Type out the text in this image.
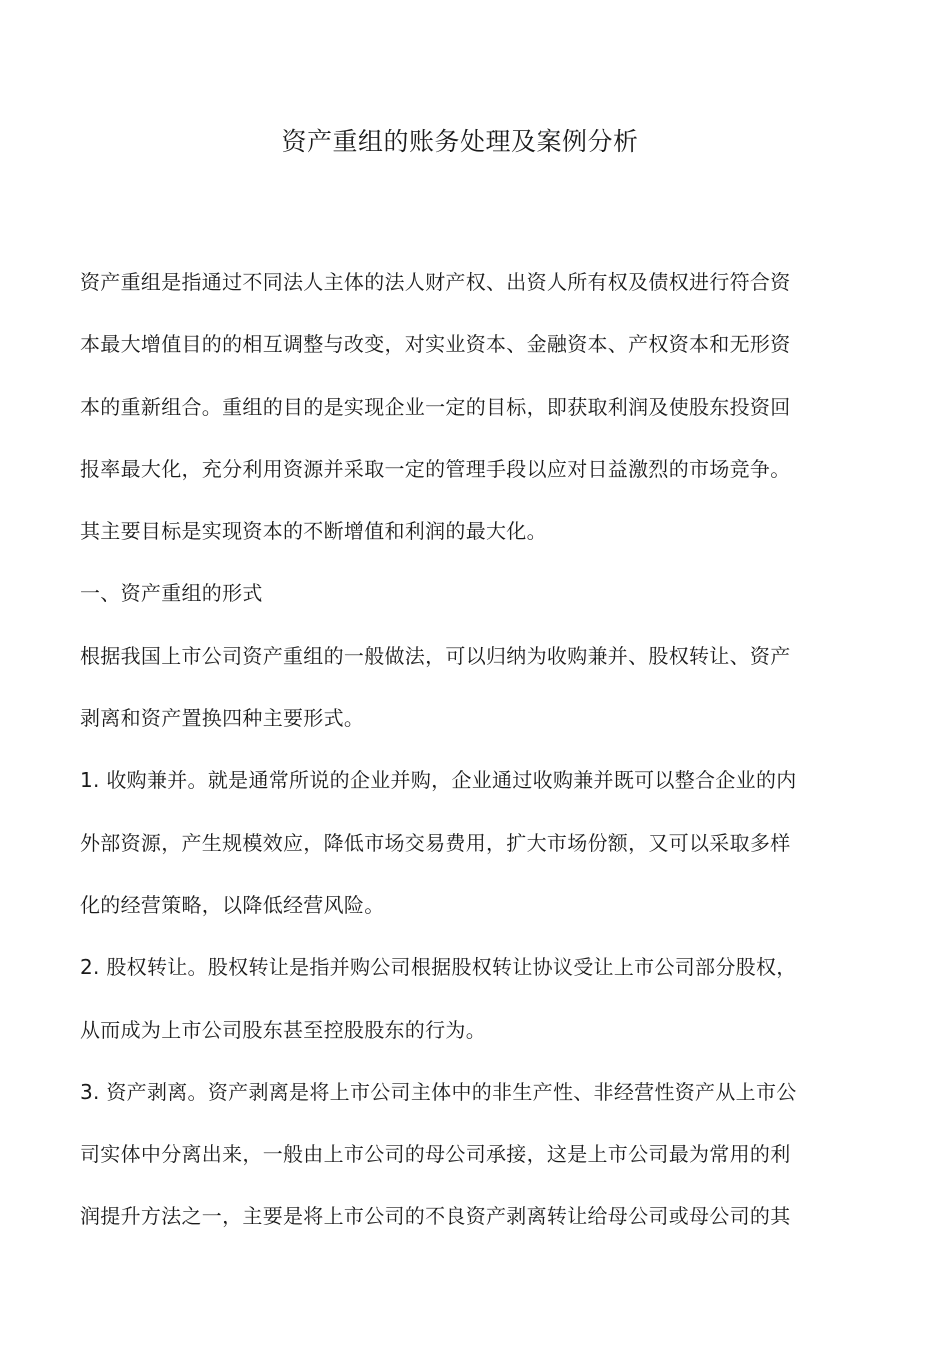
资产重组的账务处理及案例分析
资产重组是指通过不同法人主体的法人财产权、出资人所有权及债权进行符合资
本最大增值目的的相互调整与改变，对实业资本、金融资本、产权资本和无形资
本的重新组合。重组的目的是实现企业一定的目标，即获取利润及使股东投资回
报率最大化，充分利用资源并采取一定的管理手段以应对日益激烈的市场竞争。
其主要目标是实现资本的不断增值和利润的最大化。
一、资产重组的形式
根据我国上市公司资产重组的一般做法，可以归纳为收购兼并、股权转让、资产
剥离和资产置换四种主要形式。
1. 收购兼并。就是通常所说的企业并购，企业通过收购兼并既可以整合企业的内
外部资源，产生规模效应，降低市场交易费用，扩大市场份额，又可以采取多样
化的经营策略，以降低经营风险。
2. 股权转让。股权转让是指并购公司根据股权转让协议受让上市公司部分股权，
从而成为上市公司股东甚至控股股东的行为。
3. 资产剥离。资产剥离是将上市公司主体中的非生产性、非经营性资产从上市公
司实体中分离出来，一般由上市公司的母公司承接，这是上市公司最为常用的利
润提升方法之一，主要是将上市公司的不良资产剥离转让给母公司或母公司的其
